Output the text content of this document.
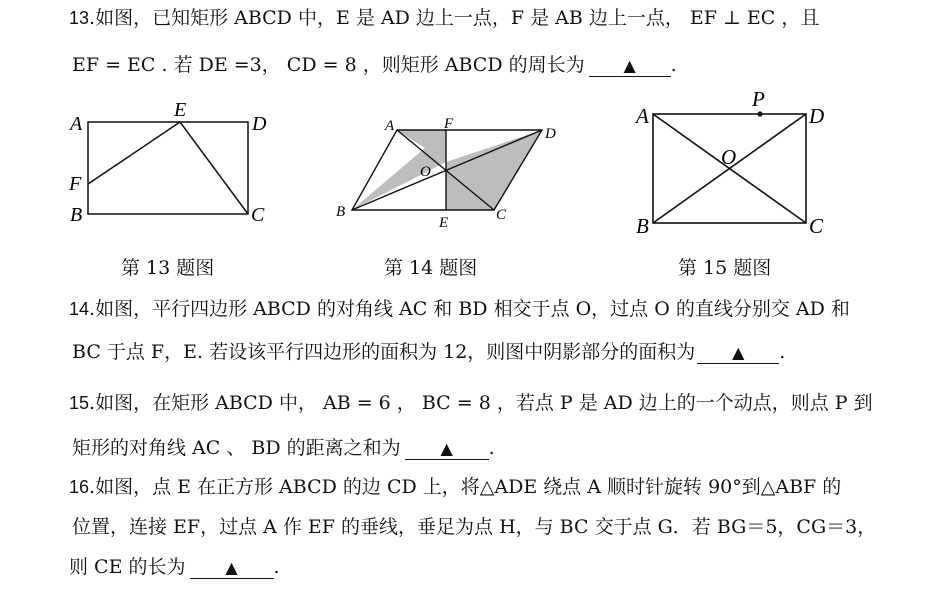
13.如图，已知矩形 ABCD 中，E 是 AD 边上一点，F 是 AB 边上一点， EF ⊥ EC ，且
EF = EC . 若 DE =3， CD = 8 ，则矩形 ABCD 的周长为 ▲ .
A
E
D
F
B	C
第 13 题图
A	F
D
O
B
E	C
第 14 题图
A
P
D
O
B	C
第 15 题图
14.如图，平行四边形 ABCD 的对角线 AC 和 BD 相交于点 O，过点 O 的直线分别交 AD 和
BC 于点 F，E. 若设该平行四边形的面积为 12，则图中阴影部分的面积为 ▲ .
15.如图，在矩形 ABCD 中， AB = 6 ， BC = 8 ，若点 P 是 AD 边上的一个动点，则点 P 到
矩形的对角线 AC 、 BD 的距离之和为 ▲ .
16.如图，点 E 在正方形 ABCD 的边 CD 上，将△ADE 绕点 A 顺时针旋转 90°到△ABF 的
位置，连接 EF，过点 A 作 EF 的垂线，垂足为点 H，与 BC 交于点 G．若 BG＝5，CG＝3，
则 CE 的长为 ▲ .
